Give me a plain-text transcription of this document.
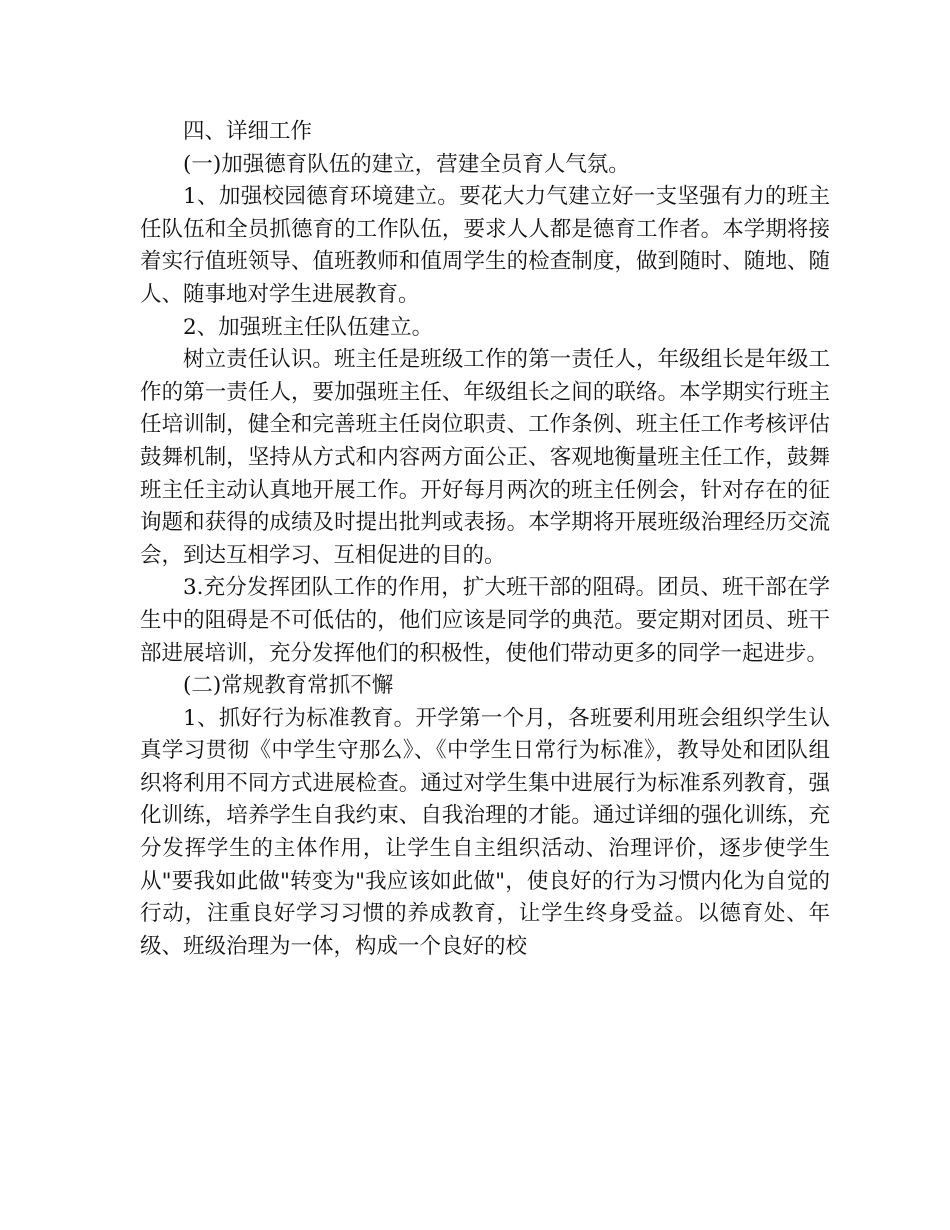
四、详细工作

(一)加强德育队伍的建立，营建全员育人气氛。

1、加强校园德育环境建立。要花大力气建立好一支坚强有力的班主任队伍和全员抓德育的工作队伍，要求人人都是德育工作者。本学期将接着实行值班领导、值班教师和值周学生的检查制度，做到随时、随地、随人、随事地对学生进展教育。

2、加强班主任队伍建立。

树立责任认识。班主任是班级工作的第一责任人，年级组长是年级工作的第一责任人，要加强班主任、年级组长之间的联络。本学期实行班主任培训制，健全和完善班主任岗位职责、工作条例、班主任工作考核评估鼓舞机制，坚持从方式和内容两方面公正、客观地衡量班主任工作，鼓舞班主任主动认真地开展工作。开好每月两次的班主任例会，针对存在的征询题和获得的成绩及时提出批判或表扬。本学期将开展班级治理经历交流会，到达互相学习、互相促进的目的。

3.充分发挥团队工作的作用，扩大班干部的阻碍。团员、班干部在学生中的阻碍是不可低估的，他们应该是同学的典范。要定期对团员、班干部进展培训，充分发挥他们的积极性，使他们带动更多的同学一起进步。

(二)常规教育常抓不懈

1、抓好行为标准教育。开学第一个月，各班要利用班会组织学生认真学习贯彻《中学生守那么》、《中学生日常行为标准》，教导处和团队组织将利用不同方式进展检查。通过对学生集中进展行为标准系列教育，强化训练，培养学生自我约束、自我治理的才能。通过详细的强化训练，充分发挥学生的主体作用，让学生自主组织活动、治理评价，逐步使学生从"要我如此做"转变为"我应该如此做"，使良好的行为习惯内化为自觉的行动，注重良好学习习惯的养成教育，让学生终身受益。以德育处、年级、班级治理为一体，构成一个良好的校
